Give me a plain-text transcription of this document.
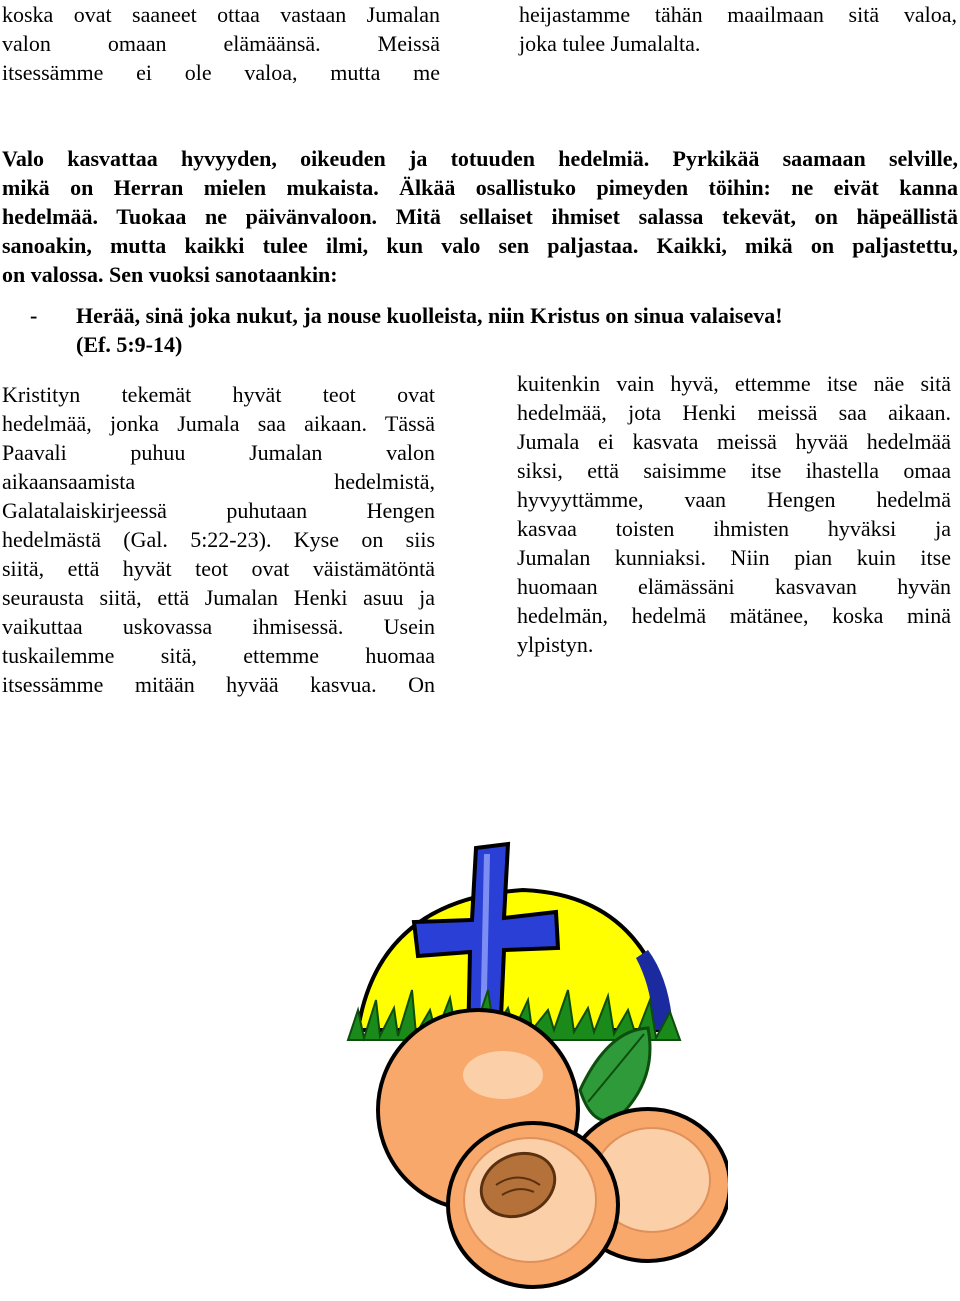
koska ovat saaneet ottaa vastaan Jumalan
valon omaan elämäänsä. Meissä
itsessämme ei ole valoa, mutta me
heijastamme tähän maailmaan sitä valoa,
joka tulee Jumalalta.
Valo kasvattaa hyvyyden, oikeuden ja totuuden hedelmiä. Pyrkikää saamaan selville,
mikä on Herran mielen mukaista. Älkää osallistuko pimeyden töihin: ne eivät kanna
hedelmää. Tuokaa ne päivänvaloon. Mitä sellaiset ihmiset salassa tekevät, on häpeällistä
sanoakin, mutta kaikki tulee ilmi, kun valo sen paljastaa. Kaikki, mikä on paljastettu,
on valossa. Sen vuoksi sanotaankin:
- Herää, sinä joka nukut, ja nouse kuolleista, niin Kristus on sinua valaiseva!
(Ef. 5:9-14)
Kristityn tekemät hyvät teot ovat
hedelmää, jonka Jumala saa aikaan. Tässä
Paavali puhuu Jumalan valon
aikaansaamista hedelmistä,
Galatalaiskirjeessä puhutaan Hengen
hedelmästä (Gal. 5:22-23). Kyse on siis
siitä, että hyvät teot ovat väistämätöntä
seurausta siitä, että Jumalan Henki asuu ja
vaikuttaa uskovassa ihmisessä. Usein
tuskailemme sitä, ettemme huomaa
itsessämme mitään hyvää kasvua. On
kuitenkin vain hyvä, ettemme itse näe sitä
hedelmää, jota Henki meissä saa aikaan.
Jumala ei kasvata meissä hyvää hedelmää
siksi, että saisimme itse ihastella omaa
hyvyyttämme, vaan Hengen hedelmä
kasvaa toisten ihmisten hyväksi ja
Jumalan kunniaksi. Niin pian kuin itse
huomaan elämässäni kasvavan hyvän
hedelmän, hedelmä mätänee, koska minä
ylpistyn.
